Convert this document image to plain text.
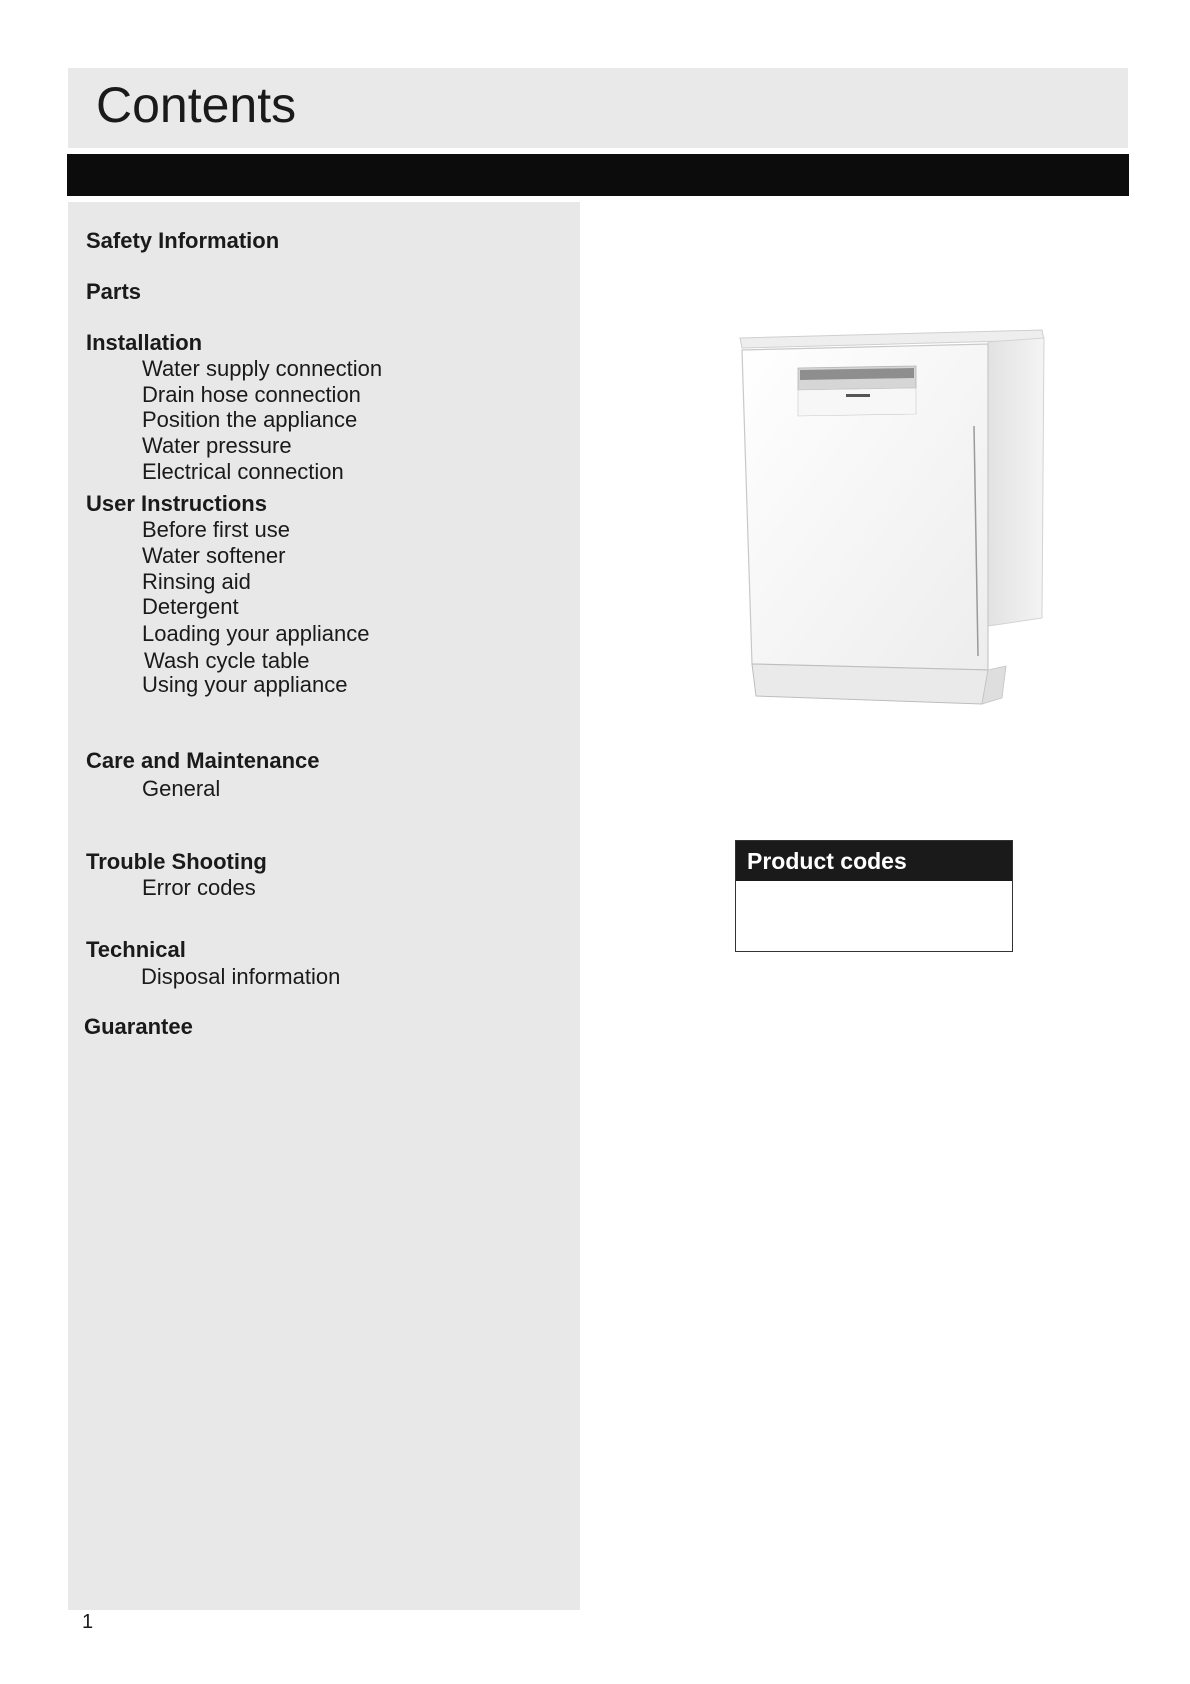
Contents
Safety Information
Parts
Installation
Water supply connection
Drain hose connection
Position the appliance
Water pressure
Electrical connection
User Instructions
Before first use
Water softener
Rinsing aid
Detergent
Loading your appliance
Wash cycle table
Using your appliance
Care and Maintenance
General
Trouble Shooting
Error codes
Technical
Disposal information
Guarantee
1
Product codes
